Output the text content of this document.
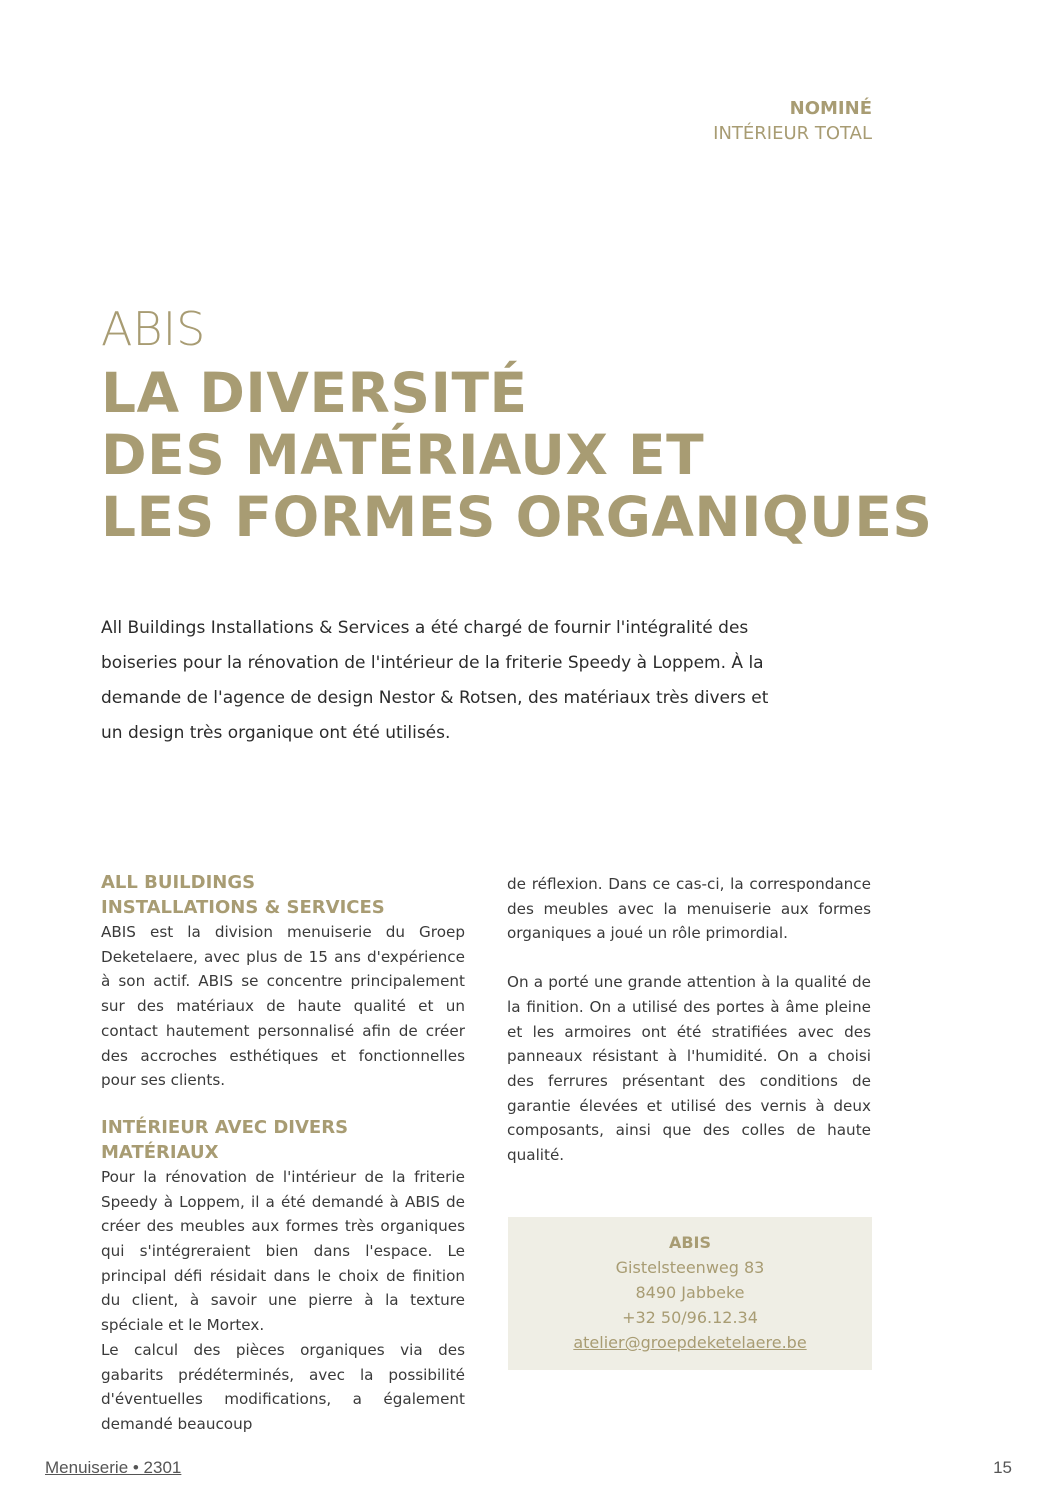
NOMINÉ
INTÉRIEUR TOTAL
ABIS
LA DIVERSITÉ
DES MATÉRIAUX ET
LES FORMES ORGANIQUES

All Buildings Installations & Services a été chargé de fournir l'intégralité des boiseries pour la rénovation de l'intérieur de la friterie Speedy à Loppem. À la demande de l'agence de design Nestor & Rotsen, des matériaux très divers et un design très organique ont été utilisés.

ALL BUILDINGS
INSTALLATIONS & SERVICES

ABIS est la division menuiserie du Groep Deketelaere, avec plus de 15 ans d'expérience à son actif. ABIS se concentre principalement sur des matériaux de haute qualité et un contact hautement personnalisé afin de créer des accroches esthétiques et fonctionnelles pour ses clients.

INTÉRIEUR AVEC DIVERS MATÉRIAUX

Pour la rénovation de l'intérieur de la friterie Speedy à Loppem, il a été demandé à ABIS de créer des meubles aux formes très organiques qui s'intégreraient bien dans l'espace. Le principal défi résidait dans le choix de finition du client, à savoir une pierre à la texture spéciale et le Mortex.

Le calcul des pièces organiques via des gabarits prédéterminés, avec la possibilité d'éventuelles modifications, a également demandé beaucoup

de réflexion. Dans ce cas-ci, la correspondance des meubles avec la menuiserie aux formes organiques a joué un rôle primordial.

On a porté une grande attention à la qualité de la finition. On a utilisé des portes à âme pleine et les armoires ont été stratifiées avec des panneaux résistant à l'humidité. On a choisi des ferrures présentant des conditions de garantie élevées et utilisé des vernis à deux composants, ainsi que des colles de haute qualité.

ABIS
Gistelsteenweg 83
8490 Jabbeke
+32 50/96.12.34
atelier@groepdeketelaere.be
Menuiserie • 2301	15
